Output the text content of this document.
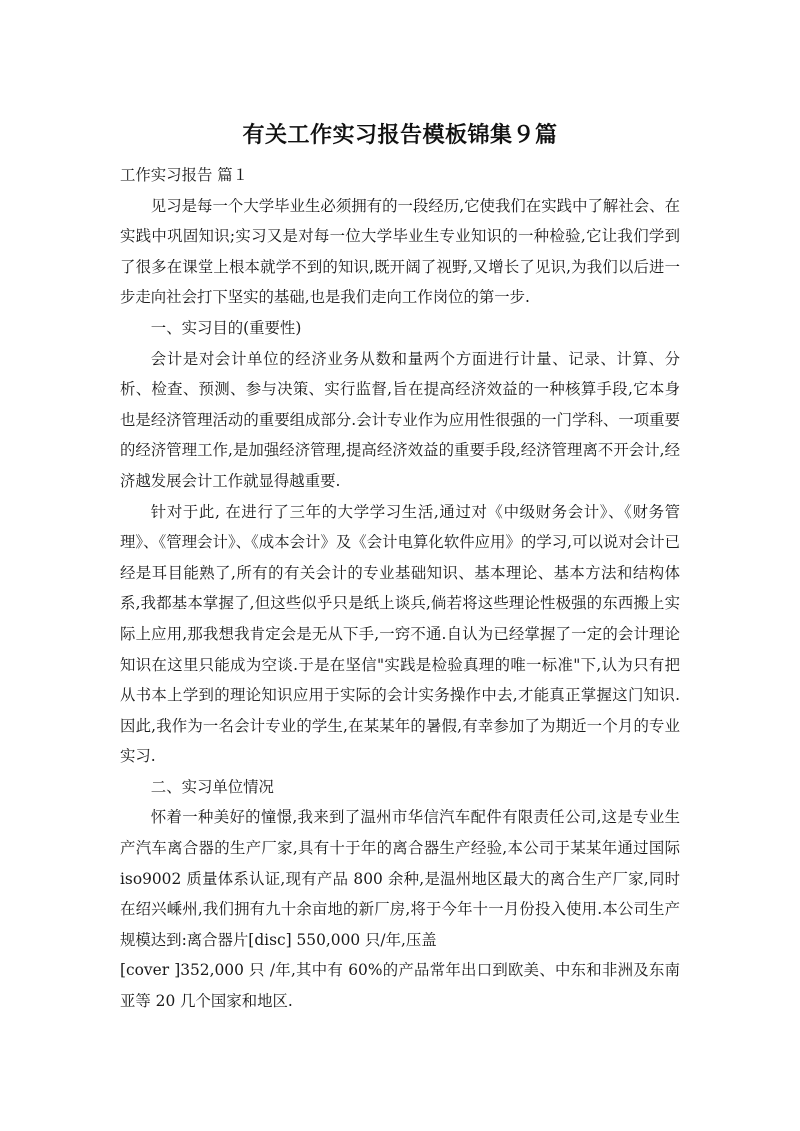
有关工作实习报告模板锦集９篇

工作实习报告 篇１

见习是每一个大学毕业生必须拥有的一段经历,它使我们在实践中了解社会、在实践中巩固知识;实习又是对每一位大学毕业生专业知识的一种检验,它让我们学到了很多在课堂上根本就学不到的知识,既开阔了视野,又增长了见识,为我们以后进一步走向社会打下坚实的基础,也是我们走向工作岗位的第一步.

一、实习目的(重要性)

会计是对会计单位的经济业务从数和量两个方面进行计量、记录、计算、分析、检查、预测、参与决策、实行监督,旨在提高经济效益的一种核算手段,它本身也是经济管理活动的重要组成部分.会计专业作为应用性很强的一门学科、一项重要的经济管理工作,是加强经济管理,提高经济效益的重要手段,经济管理离不开会计,经济越发展会计工作就显得越重要.

针对于此, 在进行了三年的大学学习生活,通过对《中级财务会计》、《财务管理》、《管理会计》、《成本会计》及《会计电算化软件应用》的学习,可以说对会计已经是耳目能熟了,所有的有关会计的专业基础知识、基本理论、基本方法和结构体系,我都基本掌握了,但这些似乎只是纸上谈兵,倘若将这些理论性极强的东西搬上实际上应用,那我想我肯定会是无从下手,一窍不通.自认为已经掌握了一定的会计理论知识在这里只能成为空谈.于是在坚信"实践是检验真理的唯一标准"下,认为只有把从书本上学到的理论知识应用于实际的会计实务操作中去,才能真正掌握这门知识.因此,我作为一名会计专业的学生,在某某年的暑假,有幸参加了为期近一个月的专业实习.

二、实习单位情况

怀着一种美好的憧憬,我来到了温州市华信汽车配件有限责任公司,这是专业生产汽车离合器的生产厂家,具有十于年的离合器生产经验,本公司于某某年通过国际 iso9002 质量体系认证,现有产品 800 余种,是温州地区最大的离合生产厂家,同时在绍兴嵊州,我们拥有九十余亩地的新厂房,将于今年十一月份投入使用.本公司生产规模达到:离合器片[disc] 550,000 只/年,压盖

[cover ]352,000 只 /年,其中有 60%的产品常年出口到欧美、中东和非洲及东南亚等 20 几个国家和地区.
